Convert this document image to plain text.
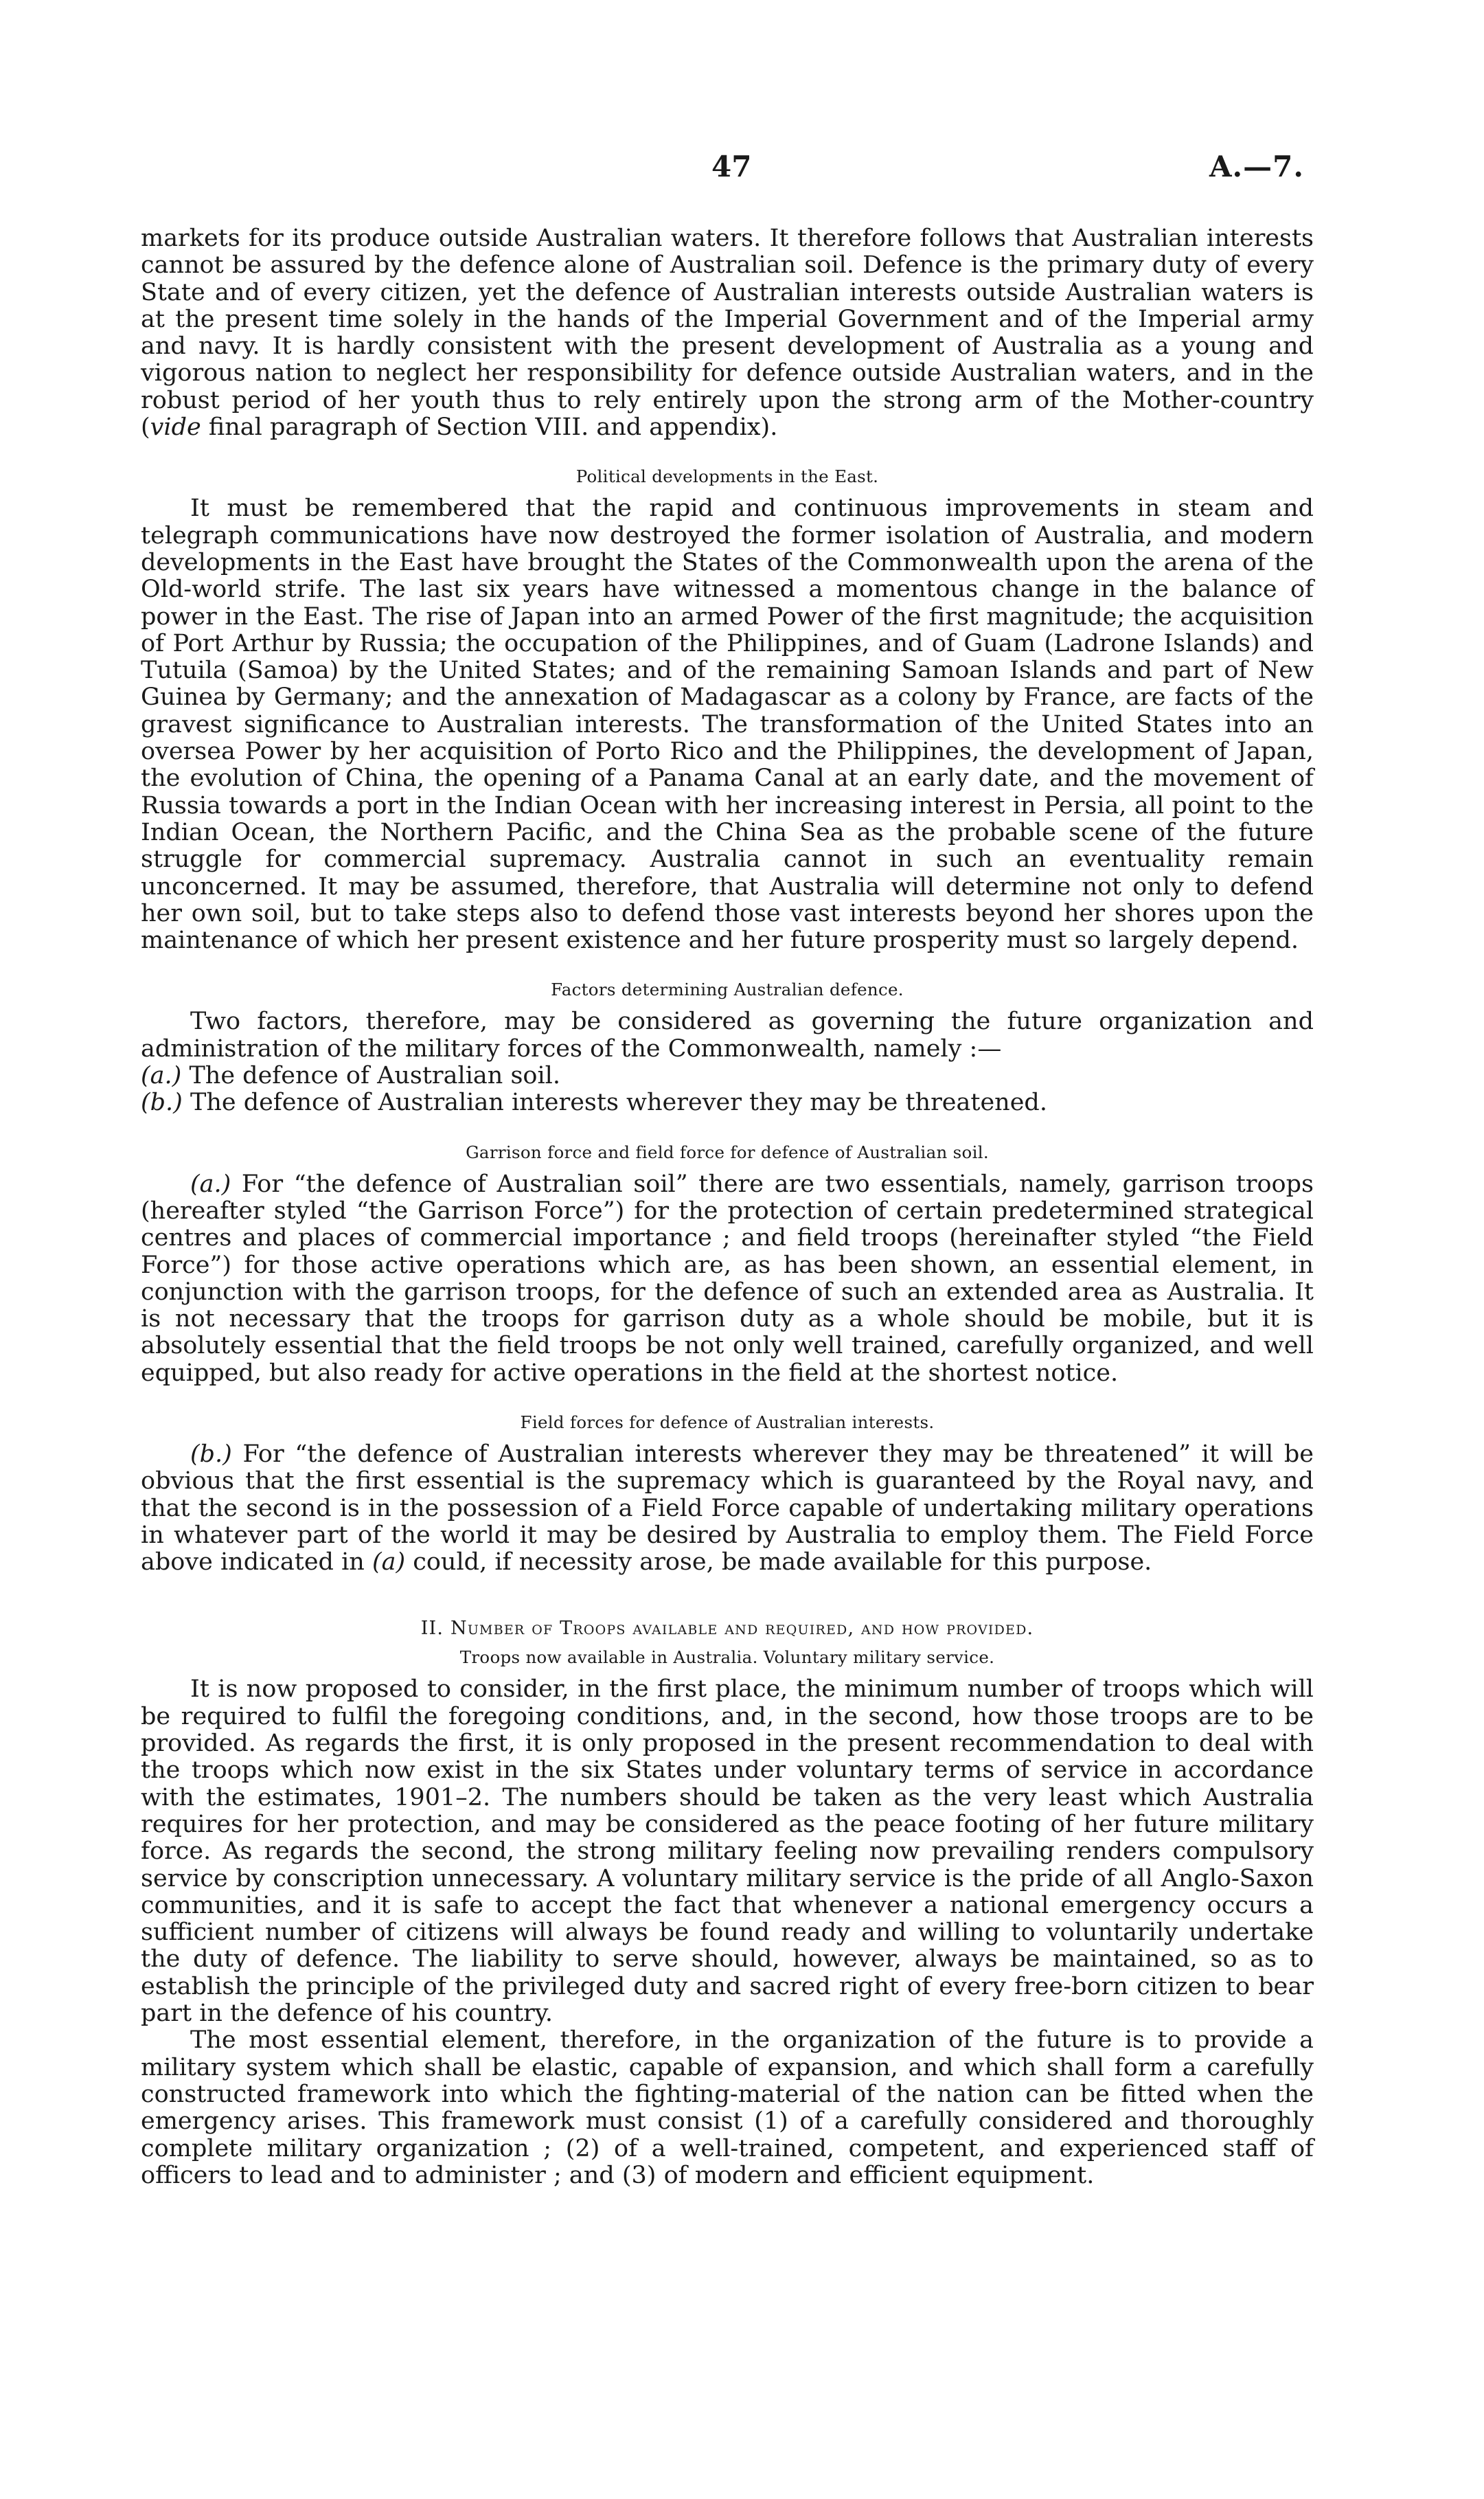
47	A.—7.

markets for its produce outside Australian waters. It therefore follows that Australian interests cannot be assured by the defence alone of Australian soil. Defence is the primary duty of every State and of every citizen, yet the defence of Australian interests outside Australian waters is at the present time solely in the hands of the Imperial Government and of the Imperial army and navy. It is hardly consistent with the present development of Australia as a young and vigorous nation to neglect her responsibility for defence outside Australian waters, and in the robust period of her youth thus to rely entirely upon the strong arm of the Mother-country (vide final paragraph of Section VIII. and appendix).

Political developments in the East.

It must be remembered that the rapid and continuous improvements in steam and telegraph communications have now destroyed the former isolation of Australia, and modern developments in the East have brought the States of the Commonwealth upon the arena of the Old-world strife. The last six years have witnessed a momentous change in the balance of power in the East. The rise of Japan into an armed Power of the first magnitude; the acquisition of Port Arthur by Russia; the occupation of the Philippines, and of Guam (Ladrone Islands) and Tutuila (Samoa) by the United States; and of the remaining Samoan Islands and part of New Guinea by Germany; and the annexation of Madagascar as a colony by France, are facts of the gravest significance to Australian interests. The transformation of the United States into an oversea Power by her acquisition of Porto Rico and the Philippines, the development of Japan, the evolution of China, the opening of a Panama Canal at an early date, and the movement of Russia towards a port in the Indian Ocean with her increasing interest in Persia, all point to the Indian Ocean, the Northern Pacific, and the China Sea as the probable scene of the future struggle for commercial supremacy. Australia cannot in such an eventuality remain unconcerned. It may be assumed, therefore, that Australia will determine not only to defend her own soil, but to take steps also to defend those vast interests beyond her shores upon the maintenance of which her present existence and her future prosperity must so largely depend.

Factors determining Australian defence.

Two factors, therefore, may be considered as governing the future organization and administration of the military forces of the Commonwealth, namely :—

(a.) The defence of Australian soil.

(b.) The defence of Australian interests wherever they may be threatened.

Garrison force and field force for defence of Australian soil.

(a.) For “the defence of Australian soil” there are two essentials, namely, garrison troops (hereafter styled “the Garrison Force”) for the protection of certain predetermined strategical centres and places of commercial importance ; and field troops (hereinafter styled “the Field Force”) for those active operations which are, as has been shown, an essential element, in conjunction with the garrison troops, for the defence of such an extended area as Australia. It is not necessary that the troops for garrison duty as a whole should be mobile, but it is absolutely essential that the field troops be not only well trained, carefully organized, and well equipped, but also ready for active operations in the field at the shortest notice.

Field forces for defence of Australian interests.

(b.) For “the defence of Australian interests wherever they may be threatened” it will be obvious that the first essential is the supremacy which is guaranteed by the Royal navy, and that the second is in the possession of a Field Force capable of undertaking military operations in whatever part of the world it may be desired by Australia to employ them. The Field Force above indicated in (a) could, if necessity arose, be made available for this purpose.

II. Number of Troops available and required, and how provided.
Troops now available in Australia. Voluntary military service.

It is now proposed to consider, in the first place, the minimum number of troops which will be required to fulfil the foregoing conditions, and, in the second, how those troops are to be provided. As regards the first, it is only proposed in the present recommendation to deal with the troops which now exist in the six States under voluntary terms of service in accordance with the estimates, 1901–2. The numbers should be taken as the very least which Australia requires for her protection, and may be considered as the peace footing of her future military force. As regards the second, the strong military feeling now prevailing renders compulsory service by conscription unnecessary. A voluntary military service is the pride of all Anglo-Saxon communities, and it is safe to accept the fact that whenever a national emergency occurs a sufficient number of citizens will always be found ready and willing to voluntarily undertake the duty of defence. The liability to serve should, however, always be maintained, so as to establish the principle of the privileged duty and sacred right of every free-born citizen to bear part in the defence of his country.

The most essential element, therefore, in the organization of the future is to provide a military system which shall be elastic, capable of expansion, and which shall form a carefully constructed framework into which the fighting-material of the nation can be fitted when the emergency arises. This framework must consist (1) of a carefully considered and thoroughly complete military organization ; (2) of a well-trained, competent, and experienced staff of officers to lead and to administer ; and (3) of modern and efficient equipment.
